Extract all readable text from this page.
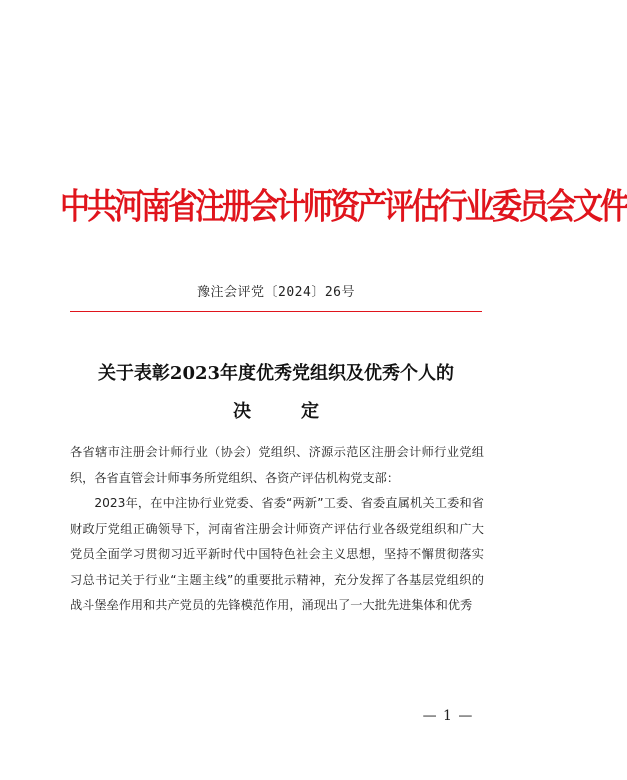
中共河南省注册会计师资产评估行业委员会文件
豫注会评党〔2024〕26号
关于表彰2023年度优秀党组织及优秀个人的
决定

各省辖市注册会计师行业（协会）党组织、济源示范区注册会计师行业党组织，各省直管会计师事务所党组织、各资产评估机构党支部：

2023年，在中注协行业党委、省委“两新”工委、省委直属机关工委和省财政厅党组正确领导下，河南省注册会计师资产评估行业各级党组织和广大党员全面学习贯彻习近平新时代中国特色社会主义思想，坚持不懈贯彻落实习总书记关于行业“主题主线”的重要批示精神，充分发挥了各基层党组织的战斗堡垒作用和共产党员的先锋模范作用，涌现出了一大批先进集体和优秀

— 1 —
